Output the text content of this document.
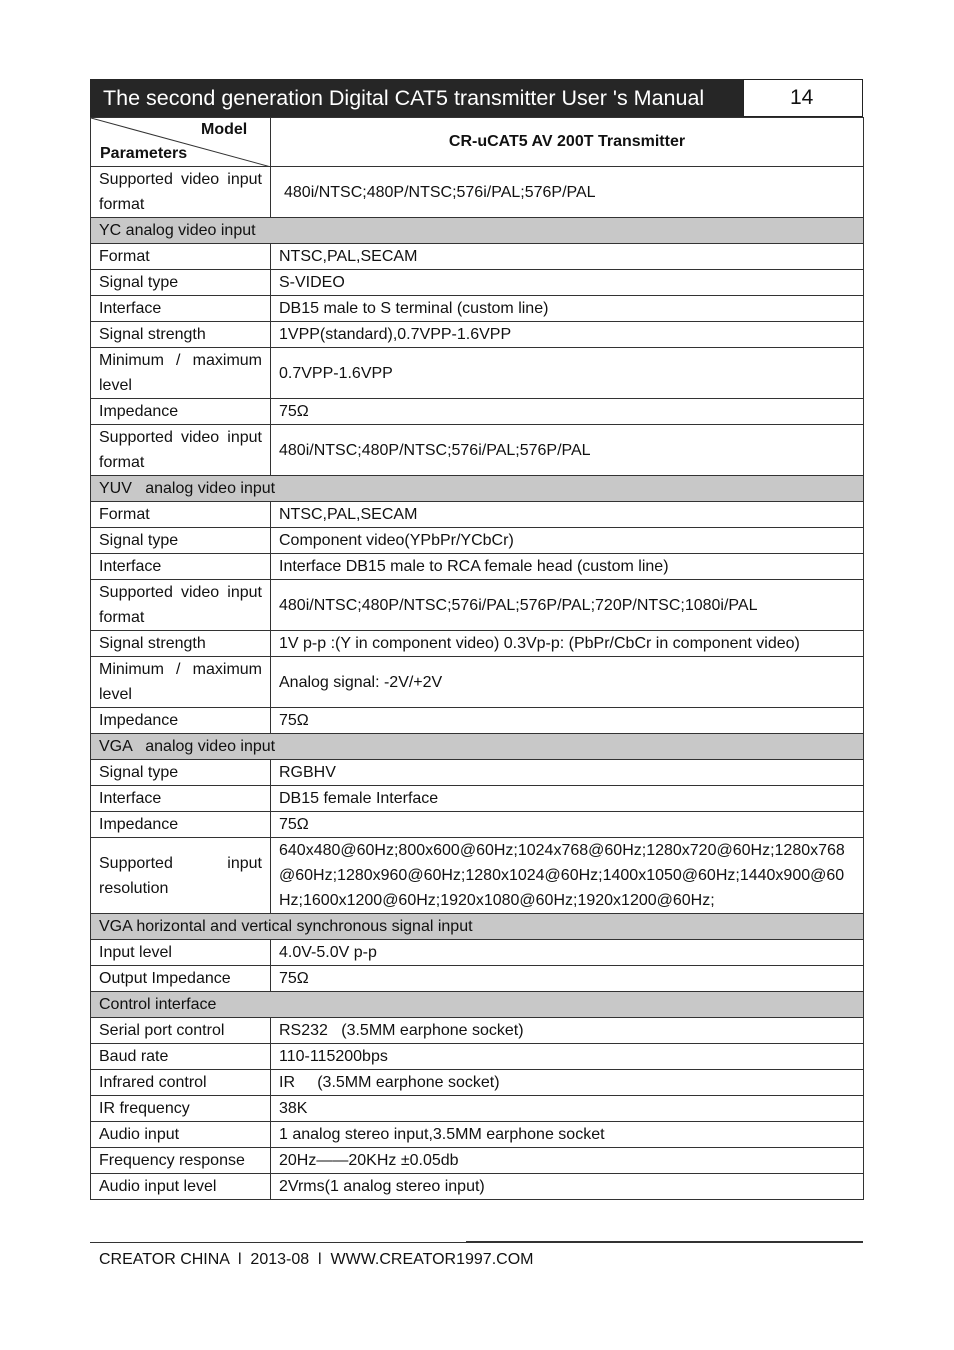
The second generation Digital CAT5 transmitter User 's Manual	14
Model
Parameters	CR-uCAT5 AV 200T Transmitter
Supported video input format	480i/NTSC;480P/NTSC;576i/PAL;576P/PAL
YC analog video input	
Format	NTSC,PAL,SECAM
Signal type	S-VIDEO
Interface	DB15 male to S terminal (custom line)
Signal strength	1VPP(standard),0.7VPP-1.6VPP
Minimum / maximum level	0.7VPP-1.6VPP
Impedance	75Ω
Supported video input format	480i/NTSC;480P/NTSC;576i/PAL;576P/PAL
YUV   analog video input	
Format	NTSC,PAL,SECAM
Signal type	Component video(YPbPr/YCbCr)
Interface	Interface DB15 male to RCA female head (custom line)
Supported video input format	480i/NTSC;480P/NTSC;576i/PAL;576P/PAL;720P/NTSC;1080i/PAL
Signal strength	1V p-p :(Y in component video) 0.3Vp-p: (PbPr/CbCr in component video)
Minimum / maximum level	Analog signal: -2V/+2V
Impedance	75Ω
VGA   analog video input	
Signal type	RGBHV
Interface	DB15 female Interface
Impedance	75Ω
Supported input resolution	640x480@60Hz;800x600@60Hz;1024x768@60Hz;1280x720@60Hz;1280x768@60Hz;1280x960@60Hz;1280x1024@60Hz;1400x1050@60Hz;1440x900@60Hz;1600x1200@60Hz;1920x1080@60Hz;1920x1200@60Hz;
VGA horizontal and vertical synchronous signal input	
Input level	4.0V-5.0V p-p
Output Impedance	75Ω
Control interface	
Serial port control	RS232   (3.5MM earphone socket)
Baud rate	110-115200bps
Infrared control	IR     (3.5MM earphone socket)
IR frequency	38K
Audio input	1 analog stereo input,3.5MM earphone socket
Frequency response	20Hz——20KHz ±0.05db
Audio input level	2Vrms(1 analog stereo input)
CREATOR CHINA  l  2013-08  l  WWW.CREATOR1997.COM
